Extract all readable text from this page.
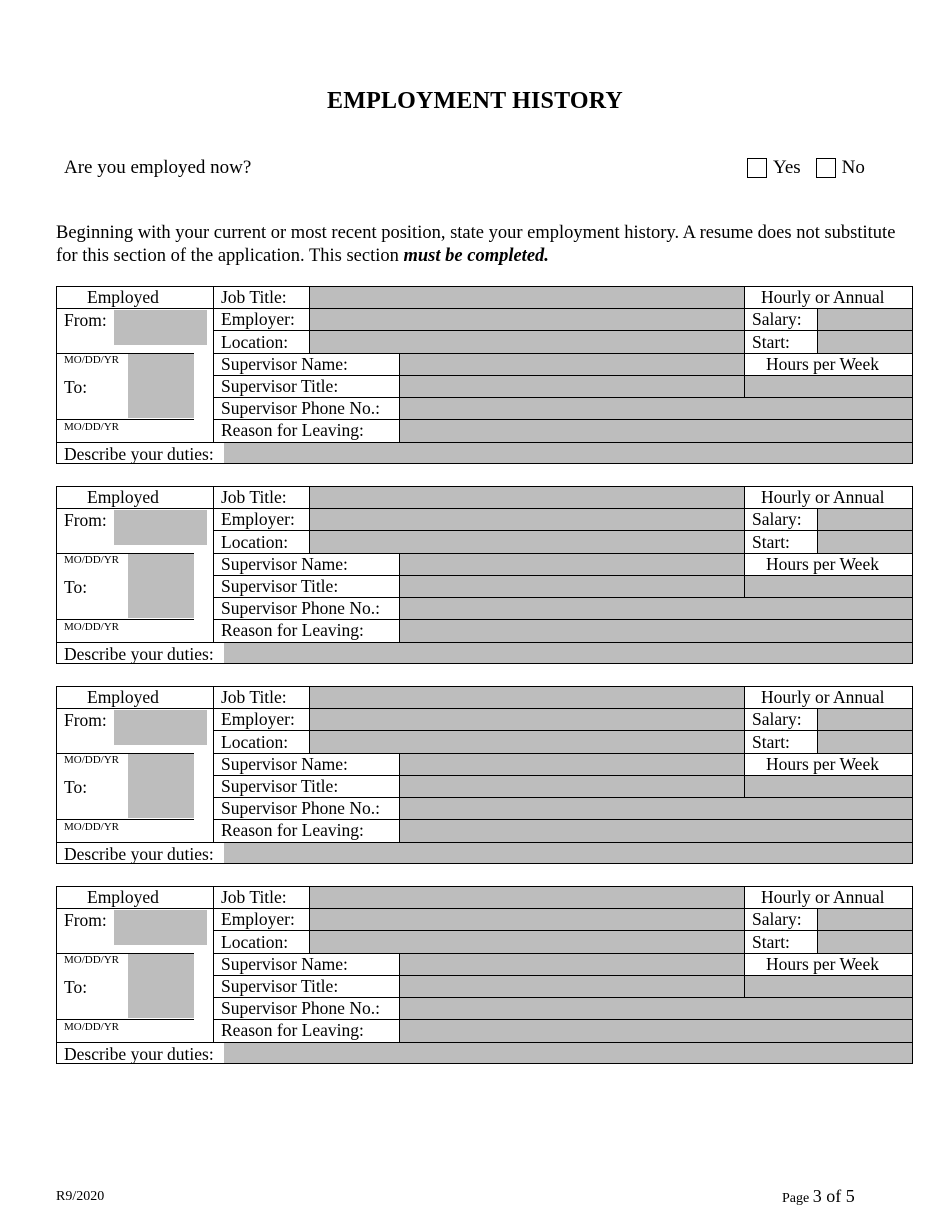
EMPLOYMENT HISTORY
Are you employed now?	Yes No
Beginning with your current or most recent position, state your employment history. A resume does not substitute for this section of the application. This section must be completed.
Employed
From:
MO/DD/YR
To:
MO/DD/YR
Job Title:
Employer:
Location:
Supervisor Name:
Supervisor Title:
Supervisor Phone No.:
Reason for Leaving:
Hourly or Annual
Salary:
Start:
Hours per Week
Describe your duties:
Employed
From:
MO/DD/YR
To:
MO/DD/YR
Job Title:
Employer:
Location:
Supervisor Name:
Supervisor Title:
Supervisor Phone No.:
Reason for Leaving:
Hourly or Annual
Salary:
Start:
Hours per Week
Describe your duties:
Employed
From:
MO/DD/YR
To:
MO/DD/YR
Job Title:
Employer:
Location:
Supervisor Name:
Supervisor Title:
Supervisor Phone No.:
Reason for Leaving:
Hourly or Annual
Salary:
Start:
Hours per Week
Describe your duties:
Employed
From:
MO/DD/YR
To:
MO/DD/YR
Job Title:
Employer:
Location:
Supervisor Name:
Supervisor Title:
Supervisor Phone No.:
Reason for Leaving:
Hourly or Annual
Salary:
Start:
Hours per Week
Describe your duties:
R9/2020	Page 3 of 5
